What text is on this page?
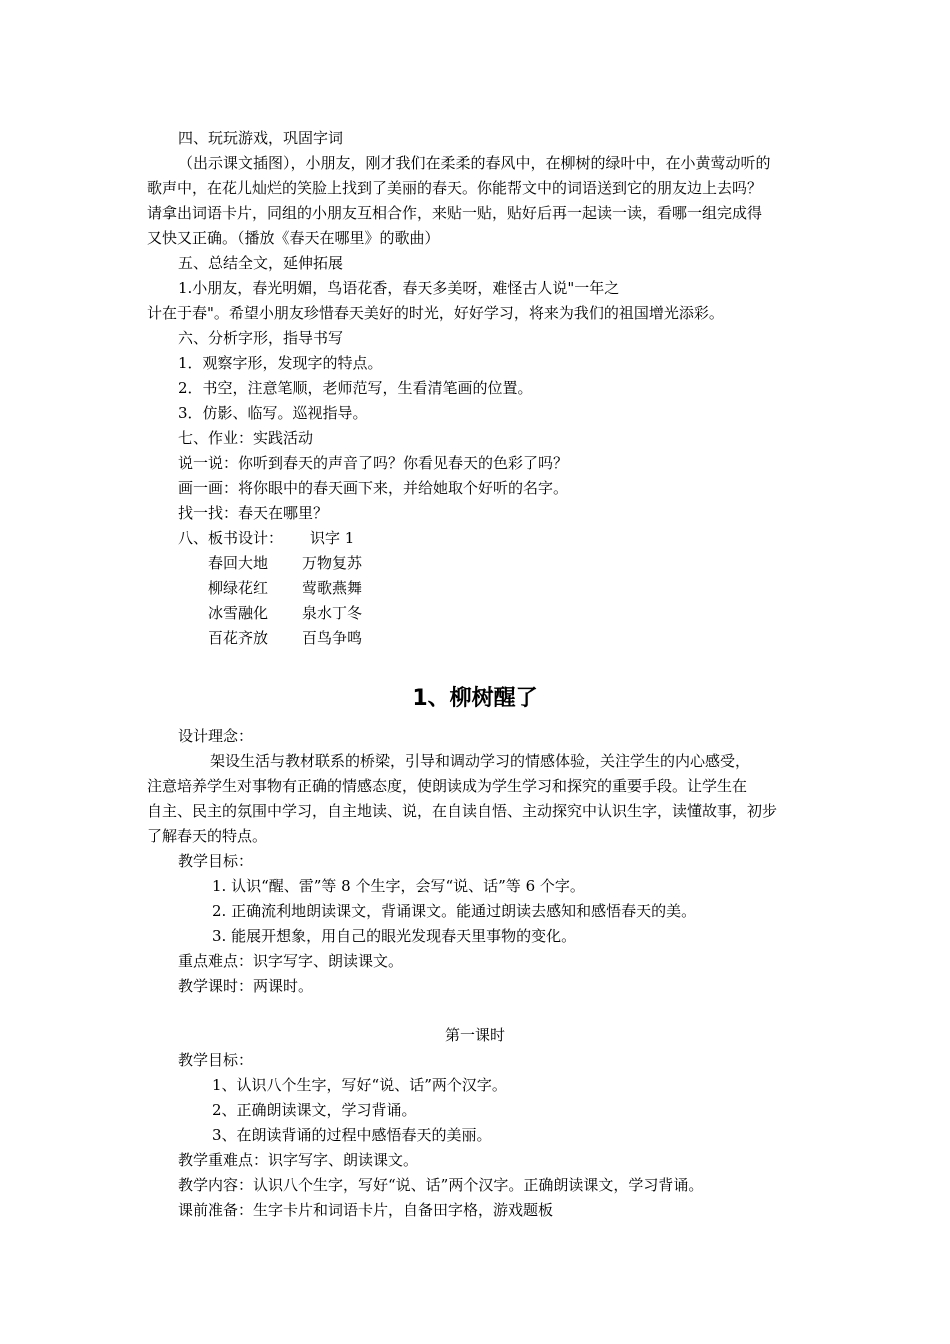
四、玩玩游戏，巩固字词
（出示课文插图），小朋友，刚才我们在柔柔的春风中，在柳树的绿叶中，在小黄莺动听的
歌声中，在花儿灿烂的笑脸上找到了美丽的春天。你能帮文中的词语送到它的朋友边上去吗？
请拿出词语卡片，同组的小朋友互相合作，来贴一贴，贴好后再一起读一读，看哪一组完成得
又快又正确。（播放《春天在哪里》的歌曲）
五、总结全文，延伸拓展
1.小朋友，春光明媚，鸟语花香，春天多美呀，难怪古人说"一年之
计在于春"。希望小朋友珍惜春天美好的时光，好好学习，将来为我们的祖国增光添彩。
六、分析字形，指导书写
1．观察字形，发现字的特点。
2．书空，注意笔顺，老师范写，生看清笔画的位置。
3．仿影、临写。巡视指导。
七、作业：实践活动
说一说：你听到春天的声音了吗？你看见春天的色彩了吗？
画一画：将你眼中的春天画下来，并给她取个好听的名字。
找一找：春天在哪里？
八、板书设计： 识字 1
春回大地 万物复苏
柳绿花红 莺歌燕舞
冰雪融化 泉水丁冬
百花齐放 百鸟争鸣
1、柳树醒了
设计理念：
架设生活与教材联系的桥梁，引导和调动学习的情感体验，关注学生的内心感受，
注意培养学生对事物有正确的情感态度，使朗读成为学生学习和探究的重要手段。让学生在
自主、民主的氛围中学习，自主地读、说，在自读自悟、主动探究中认识生字，读懂故事，初步
了解春天的特点。
教学目标：
1. 认识“醒、雷”等 8 个生字，会写“说、话”等 6 个字。
2. 正确流利地朗读课文，背诵课文。能通过朗读去感知和感悟春天的美。
3. 能展开想象，用自己的眼光发现春天里事物的变化。
重点难点：识字写字、朗读课文。
教学课时：两课时。
第一课时
教学目标：
1、认识八个生字，写好“说、话”两个汉字。
2、正确朗读课文，学习背诵。
3、在朗读背诵的过程中感悟春天的美丽。
教学重难点：识字写字、朗读课文。
教学内容：认识八个生字，写好“说、话”两个汉字。正确朗读课文，学习背诵。
课前准备：生字卡片和词语卡片，自备田字格，游戏题板
